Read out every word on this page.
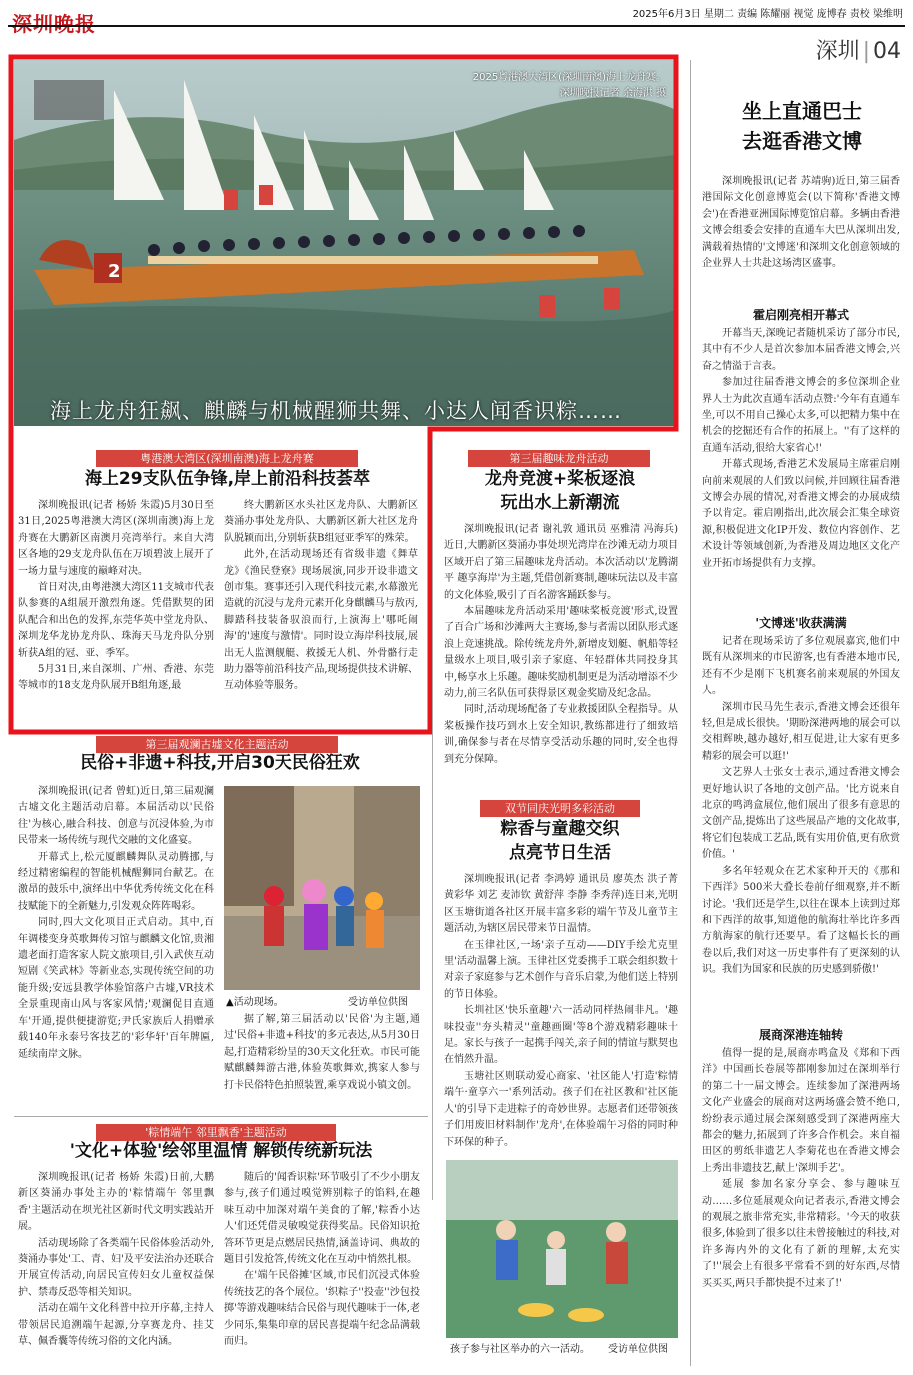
深圳晚报	2025年6月3日 星期二 责编 陈耀丽 视觉 庞博春 责校 梁维明
深圳 | 04
2
2025粤港澳大湾区(深圳南澳)海上龙舟赛。
深圳晚报记者 余海洪 摄
海上龙舟狂飙、麒麟与机械醒狮共舞、小达人闻香识粽……
粤港澳大湾区(深圳南澳)海上龙舟赛
海上29支队伍争锋,岸上前沿科技荟萃

深圳晚报讯(记者 杨娇 朱霞)5月30日至31日,2025粤港澳大湾区(深圳南澳)海上龙舟赛在大鹏新区南澳月亮湾举行。来自大湾区各地的29支龙舟队伍在万顷碧波上展开了一场力量与速度的巅峰对决。

首日对决,由粤港澳大湾区11支城市代表队参赛的A组展开激烈角逐。凭借默契的团队配合和出色的发挥,东莞华英中堂龙舟队、深圳龙华龙协龙舟队、珠海天马龙舟队分别斩获A组的冠、亚、季军。

5月31日,来自深圳、广州、香港、东莞等城市的18支龙舟队展开B组角逐,最

终大鹏新区水头社区龙舟队、大鹏新区葵涌办事处龙舟队、大鹏新区新大社区龙舟队脱颖而出,分别斩获B组冠亚季军的殊荣。

此外,在活动现场还有省级非遗《舞草龙》《渔民登寮》现场展演,同步开设非遗文创市集。赛事还引入现代科技元素,水幕激光造就的沉浸与龙舟元素开化身麒麟马与敖丙,脚踏科技装备驭浪而行,上演海上'哪吒闹海'的'速度与激情'。同时设立海岸科技展,展出无人监测舰艇、救援无人机、外骨骼行走助力器等前沿科技产品,现场提供技术讲解、互动体验等服务。

第三届趣味龙舟活动
龙舟竞渡+桨板逐浪
玩出水上新潮流

深圳晚报讯(记者 谢礼敦 通讯员 巫雅清 冯海兵)近日,大鹏新区葵涌办事处坝光湾岸在沙滩无动力项目区域开启了第三届趣味龙舟活动。本次活动以'龙腾湖平 趣享海岸'为主题,凭借创新赛制,趣味玩法以及丰富的文化体验,吸引了百名游客踊跃参与。

本届趣味龙舟活动采用'趣味桨板竞渡'形式,设置了百合广场和沙滩两大主赛场,参与者需以团队形式逐浪上竞速挑战。除传统龙舟外,新增皮划艇、帆船等轻量级水上项目,吸引亲子家庭、年轻群体共同投身其中,畅享水上乐趣。趣味奖励机制更是为活动增添不少动力,前三名队伍可获得景区观金奖励及纪念品。

同时,活动现场配备了专业救援团队全程指导。从桨板操作技巧到水上安全知识,教练都进行了细致培训,确保参与者在尽情享受活动乐趣的同时,安全也得到充分保障。

第三届观澜古墟文化主题活动
民俗+非遗+科技,开启30天民俗狂欢

深圳晚报讯(记者 曾虹)近日,第三届观澜古墟文化主题活动启幕。本届活动以'民俗往'为核心,融合科技、创意与沉浸体验,为市民带来一场传统与现代交融的文化盛宴。

开幕式上,松元厦麒麟舞队灵动腾挪,与经过精密编程的智能机械醒狮同台献艺。在激昂的鼓乐中,演绎出中华优秀传统文化在科技赋能下的全新魅力,引发观众阵阵喝彩。

同时,四大文化项目正式启动。其中,百年调楼变身英歌舞传习馆与麒麟文化馆,贵湘遗老面打造客家人院文旅项目,引入武侠互动短剧《笑武林》等新业态,实现传统空间的功能升级;安远县教学体验馆落户古墟,VR技术全景重现南山风与客家风情;'观澜促目直通车'开通,提供便捷游览;尹氏家族后人捐赠承载140年永泰号客技艺的'彩华轩'百年牌匾,延续南岸文脉。

▲活动现场。	受访单位供图

据了解,第三届活动以'民俗'为主题,通过'民俗+非遗+科技'的多元表达,从5月30日起,打造精彩纷呈的30天文化狂欢。市民可能赋麒麟舞游古港,体验英歌舞欢,携家人参与打卡民俗特色拍照装置,乘享戏说小镇文创。

'粽情端午 邻里飘香'主题活动
'文化+体验'绘邻里温情 解锁传统新玩法

深圳晚报讯(记者 杨娇 朱霞)日前,大鹏新区葵涌办事处主办的'粽情端午 邻里飘香'主题活动在坝光社区新时代文明实践站开展。

活动现场除了各类端午民俗体验活动外,葵涌办事处'工、青、妇'及平安法治办还联合开展宣传活动,向居民宣传妇女儿童权益保护、禁毒反恐等相关知识。

活动在端午文化科普中拉开序幕,主持人带领居民追溯端午起源,分享赛龙舟、挂艾草、佩香囊等传统习俗的文化内涵。

随后的'闻香识粽'环节吸引了不少小朋友参与,孩子们通过嗅觉辨别粽子的馅料,在趣味互动中加深对端午美食的了解,'粽香小达人'们还凭借灵敏嗅觉获得奖品。民俗知识抢答环节更是点燃居民热情,涵盖诗词、典故的题目引发抢答,传统文化在互动中悄然扎根。

在'端午民俗摊'区域,市民们沉浸式体验传统技艺的各个展位。'织粽子''投壶''沙包投掷'等游戏趣味结合民俗与现代趣味于一体,老少同乐,集集印章的居民喜提端午纪念品满载而归。

双节同庆光明多彩活动
粽香与童趣交织
点亮节日生活

深圳晚报讯(记者 李鸿婷 通讯员 廖英杰 洪子菁 黄彩华 刘艺 麦沛钦 黄舒萍 李静 李秀萍)连日来,光明区玉塘街道各社区开展丰富多彩的端午节及儿童节主题活动,为辖区居民带来节日温情。

在玉律社区,一场'亲子互动——DIY手绘尤克里里'活动温馨上演。玉律社区党委携手工联会组织数十对亲子家庭参与艺术创作与音乐启蒙,为他们送上特别的节日体验。

长圳社区'快乐童趣'六一活动同样热闹非凡。'趣味投壶''夯头精灵''童趣画圈'等8个游戏精彩趣味十足。家长与孩子一起携手闯关,亲子间的情谊与默契也在悄然升温。

玉塘社区则联动爱心商家、'社区能人'打造'粽情端午·童享六一'系列活动。孩子们在社区教和'社区能人'的引导下走进粽子的奇妙世界。志愿者们还带领孩子们用废旧材料制作'龙舟',在体验端午习俗的同时种下环保的种子。

孩子参与社区举办的六一活动。 受访单位供图
坐上直通巴士
去逛香港文博

深圳晚报讯(记者 苏靖驹)近日,第三届香港国际文化创意博览会(以下简称'香港文博会')在香港亚洲国际博览馆启幕。多辆由香港文博会组委会安排的直通车大巴从深圳出发,满载着热情的'文博迷'和深圳文化创意领域的企业界人士共赴这场湾区盛事。

霍启刚亮相开幕式

开幕当天,深晚记者随机采访了部分市民,其中有不少人是首次参加本届香港文博会,兴奋之情溢于言表。

参加过往届香港文博会的多位深圳企业界人士为此次直通车活动点赞:'今年有直通车坐,可以不用自己操心太多,可以把精力集中在机会的挖掘还有合作的拓展上。''有了这样的直通车活动,很给大家省心!'

开幕式现场,香港艺术发展局主席霍启刚向前来观展的人们致以问候,并回顾往届香港文博会办展的情况,对香港文博会的办展成绩予以肯定。霍启刚指出,此次展会汇集全球资源,积极促进文化IP开发、数位内容创作、艺术设计等领域创新,为香港及周边地区文化产业开拓市场提供有力支撑。

'文博迷'收获满满

记者在现场采访了多位观展嘉宾,他们中既有从深圳来的市民游客,也有香港本地市民,还有不少是刚下飞机赛名前来观展的外国友人。

深圳市民马先生表示,香港文博会还很年轻,但是成长很快。'期盼深港两地的展会可以交相辉映,越办越好,相互促进,让大家有更多精彩的展会可以逛!'

文艺界人士张女士表示,通过香港文博会更好地认识了各地的文创产品。'比方说来自北京的鸣鸿盒展位,他们展出了很多有意思的文创产品,提炼出了这些展品产地的文化故事,将它们包装成工艺品,既有实用价值,更有欣赏价值。'

多名年轻观众在艺术家种开天的《那和下西洋》500米大叠长卷前仔细观察,并不断讨论。'我们还是学生,以往在课本上读到过郑和下西洋的故事,知道他的航海壮举比许多西方航海家的航行还要早。看了这幅长长的画卷以后,我们对这一历史事件有了更深刻的认识。我们为国家和民族的历史感到骄傲!'

展商深港连轴转

值得一提的是,展商赤鸣盒及《郑和下西洋》中国画长卷展等都刚参加过在深圳举行的第二十一届文博会。连续参加了深港两场文化产业盛会的展商对这两场盛会赞不绝口,纷纷表示通过展会深刻感受到了深港两座大都会的魅力,拓展到了许多合作机会。来自福田区的剪纸非遗艺人李菊花也在香港文博会上秀出非遗技艺,献上'深圳手艺'。

延展 参加名家分享会、参与趣味互动……多位延展观众向记者表示,香港文博会的观展之旅非常充实,非常精彩。'今天的收获很多,体验到了很多以往未曾接触过的科技,对许多海内外的文化有了新的理解,太充实了!''展会上有很多平常看不到的好东西,尽情买买买,两只手都快提不过来了!'
